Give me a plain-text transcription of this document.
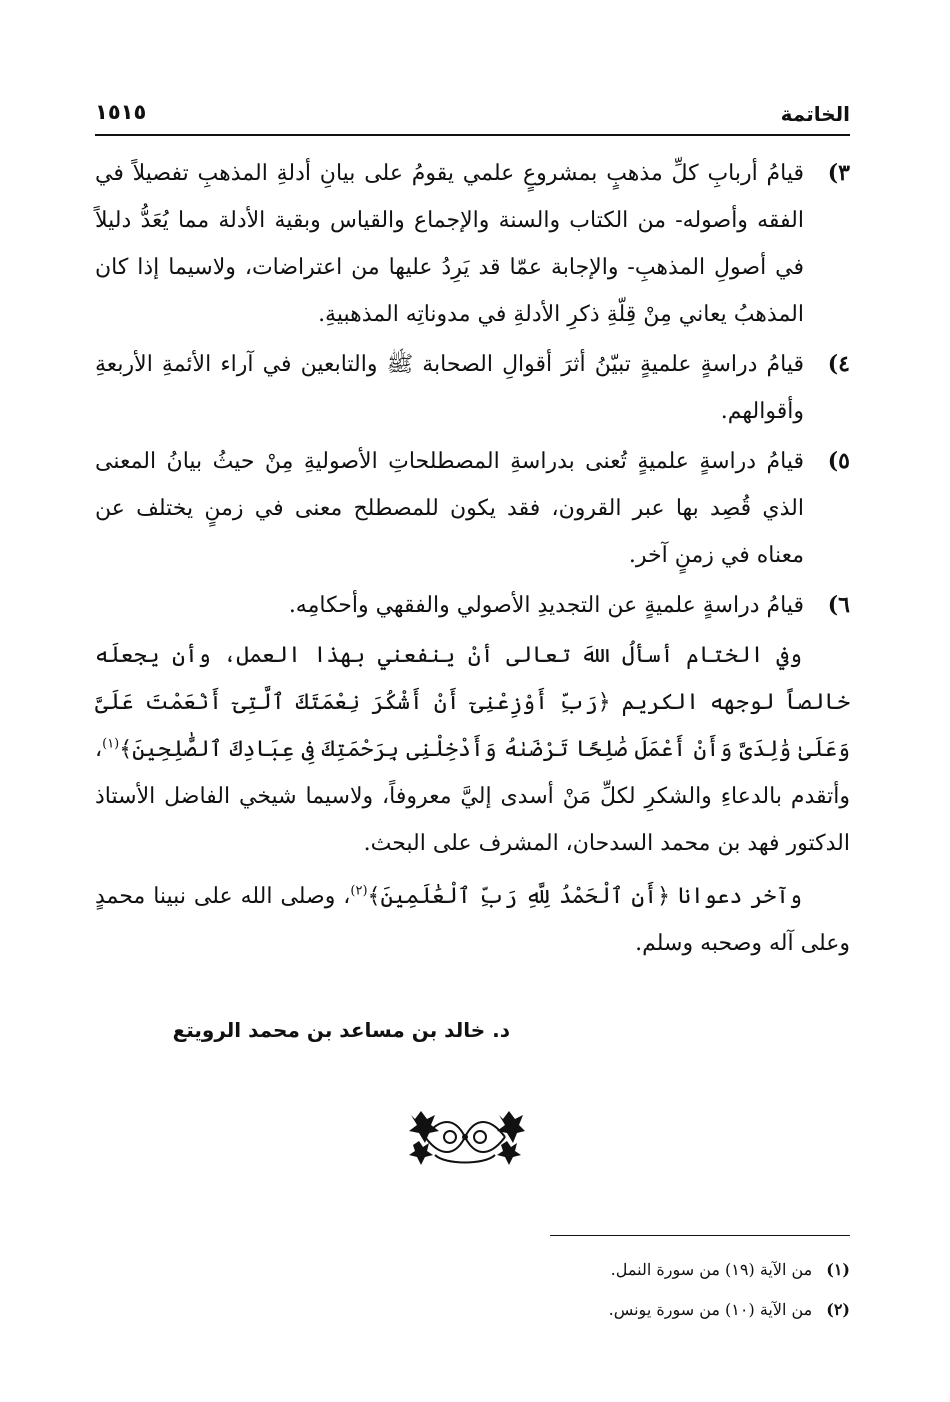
الخاتمة
١٥١٥
٣)
قيامُ أربابِ كلِّ مذهبٍ بمشروعٍ علمي يقومُ على بيانِ أدلةِ المذهبِ تفصيلاً في الفقه وأصوله- من الكتاب والسنة والإجماع والقياس وبقية الأدلة مما يُعَدُّ دليلاً في أصولِ المذهبِ- والإجابة عمّا قد يَرِدُ عليها من اعتراضات، ولاسيما إذا كان المذهبُ يعاني مِنْ قِلّةِ ذكرِ الأدلةِ في مدوناتِه المذهبيةِ.
٤)
قيامُ دراسةٍ علميةٍ تبيّنُ أثرَ أقوالِ الصحابة ﷺ والتابعين في آراء الأئمةِ الأربعةِ وأقوالهم.
٥)
قيامُ دراسةٍ علميةٍ تُعنى بدراسةِ المصطلحاتِ الأصوليةِ مِنْ حيثُ بيانُ المعنى الذي قُصِد بها عبر القرون، فقد يكون للمصطلح معنى في زمنٍ يختلف عن معناه في زمنٍ آخر.
٦)
قيامُ دراسةٍ علميةٍ عن التجديدِ الأصولي والفقهي وأحكامِه.

وفي الختام أسألُ اللهَ تعالى أنْ ينفعني بهذا العمل، وأن يجعلَه خالصاً لوجهه الكريم ﴿رَبِّ أَوْزِعْنِىٓ أَنْ أَشْكُرَ نِعْمَتَكَ ٱلَّتِىٓ أَنْعَمْتَ عَلَىَّ وَعَلَىٰ وَٰلِدَىَّ وَأَنْ أَعْمَلَ صَٰلِحًا تَرْضَىٰهُ وَأَدْخِلْنِى بِرَحْمَتِكَ فِى عِبَادِكَ ٱلصَّٰلِحِينَ﴾$^{(١)}$، وأتقدم بالدعاءِ والشكرِ لكلِّ مَنْ أسدى إليَّ معروفاً، ولاسيما شيخي الفاضل الأستاذ الدكتور فهد بن محمد السدحان، المشرف على البحث.

وآخر دعوانا ﴿أَنِ ٱلْحَمْدُ لِلَّهِ رَبِّ ٱلْعَٰلَمِينَ﴾$^{(٢)}$، وصلى الله على نبينا محمدٍ وعلى آله وصحبه وسلم.

د. خالد بن مساعد بن محمد الرويتع
(١)من الآية (١٩) من سورة النمل.
(٢)من الآية (١٠) من سورة يونس.
